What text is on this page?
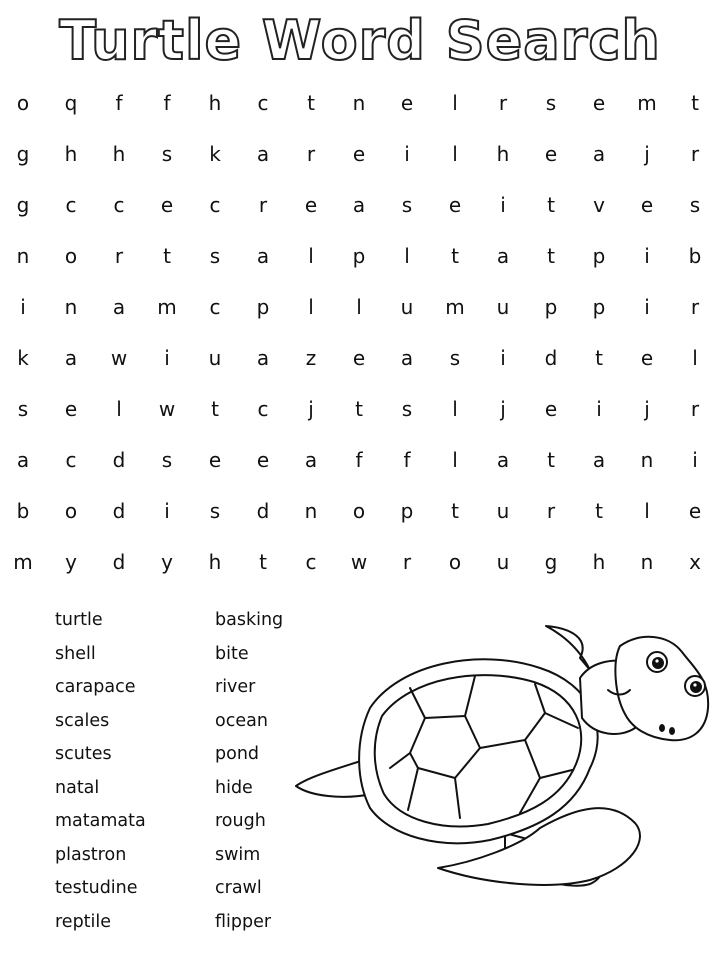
Turtle Word Search
o	q	f	f	h	c	t	n	e	l	r	s	e	m	t
g	h	h	s	k	a	r	e	i	l	h	e	a	j	r
g	c	c	e	c	r	e	a	s	e	i	t	v	e	s
n	o	r	t	s	a	l	p	l	t	a	t	p	i	b
i	n	a	m	c	p	l	l	u	m	u	p	p	i	r
k	a	w	i	u	a	z	e	a	s	i	d	t	e	l
s	e	l	w	t	c	j	t	s	l	j	e	i	j	r
a	c	d	s	e	e	a	f	f	l	a	t	a	n	i
b	o	d	i	s	d	n	o	p	t	u	r	t	l	e
m	y	d	y	h	t	c	w	r	o	u	g	h	n	x
turtle
shell
carapace
scales
scutes
natal
matamata
plastron
testudine
reptile
basking
bite
river
ocean
pond
hide
rough
swim
crawl
flipper
